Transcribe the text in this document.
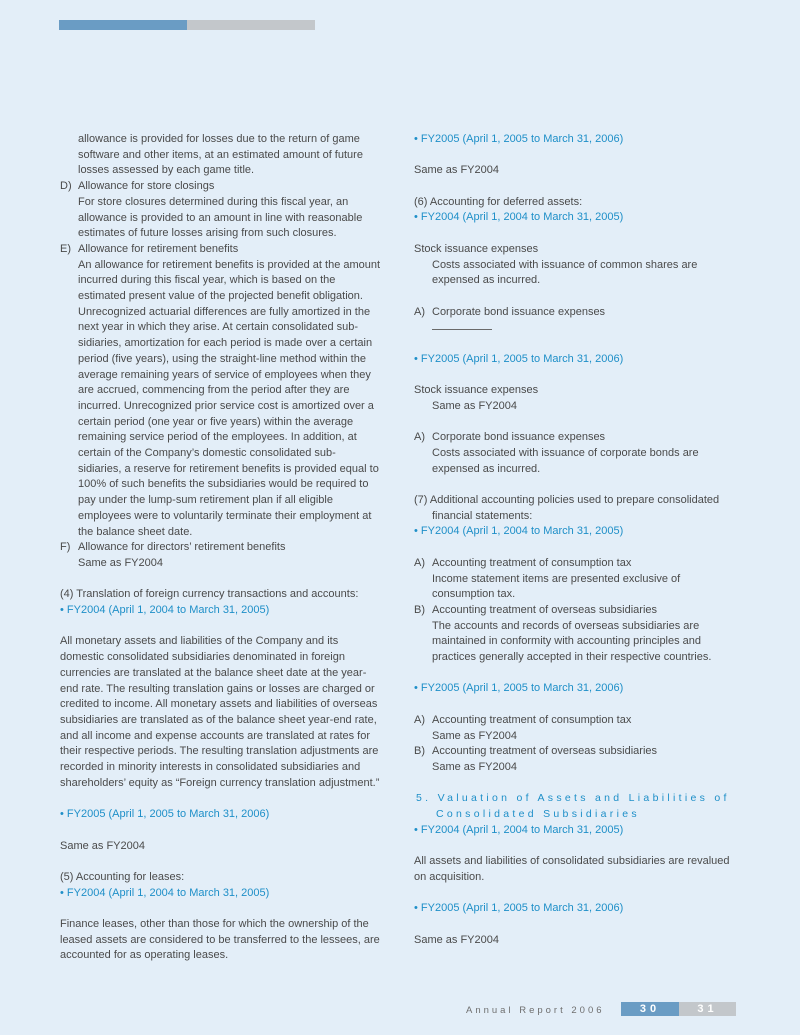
allowance is provided for losses due to the return of game software and other items, at an estimated amount of future losses assessed by each game title.

D) Allowance for store closings
For store closures determined during this fiscal year, an allowance is provided to an amount in line with reasonable estimates of future losses arising from such closures.
E) Allowance for retirement benefits
An allowance for retirement benefits is provided at the amount incurred during this fiscal year, which is based on the estimated present value of the projected benefit obligation. Unrecognized actuarial differences are fully amortized in the next year in which they arise. At certain consolidated sub- sidiaries, amortization for each period is made over a certain period (five years), using the straight-line method within the average remaining years of service of employees when they are accrued, commencing from the period after they are incurred. Unrecognized prior service cost is amortized over a certain period (one year or five years) within the average remaining service period of the employees. In addition, at certain of the Company’s domestic consolidated sub- sidiaries, a reserve for retirement benefits is provided equal to 100% of such benefits the subsidiaries would be required to pay under the lump-sum retirement plan if all eligible employees were to voluntarily terminate their employment at the balance sheet date.
F) Allowance for directors’ retirement benefits
Same as FY2004

(4) Translation of foreign currency transactions and accounts:

• FY2004 (April 1, 2004 to March 31, 2005)

All monetary assets and liabilities of the Company and its domestic consolidated subsidiaries denominated in foreign currencies are translated at the balance sheet date at the year-end rate. The resulting translation gains or losses are charged or credited to income. All monetary assets and liabilities of overseas subsidiaries are translated as of the balance sheet year-end rate, and all income and expense accounts are translated at rates for their respective periods. The resulting translation adjustments are recorded in minority interests in consolidated subsidiaries and shareholders’ equity as “Foreign currency translation adjustment.”

• FY2005 (April 1, 2005 to March 31, 2006)

Same as FY2004

(5) Accounting for leases:

• FY2004 (April 1, 2004 to March 31, 2005)

Finance leases, other than those for which the ownership of the leased assets are considered to be transferred to the lessees, are accounted for as operating leases.

• FY2005 (April 1, 2005 to March 31, 2006)

Same as FY2004

(6) Accounting for deferred assets:

• FY2004 (April 1, 2004 to March 31, 2005)

Stock issuance expenses

Costs associated with issuance of common shares are expensed as incurred.

A) Corporate bond issuance expenses

• FY2005 (April 1, 2005 to March 31, 2006)

Stock issuance expenses

Same as FY2004

A) Corporate bond issuance expenses
Costs associated with issuance of corporate bonds are expensed as incurred.
(7) Additional accounting policies used to prepare consolidated financial statements:

• FY2004 (April 1, 2004 to March 31, 2005)

A) Accounting treatment of consumption tax
Income statement items are presented exclusive of consumption tax.
B) Accounting treatment of overseas subsidiaries
The accounts and records of overseas subsidiaries are maintained in conformity with accounting principles and practices generally accepted in their respective countries.

• FY2005 (April 1, 2005 to March 31, 2006)

A) Accounting treatment of consumption tax
Same as FY2004
B) Accounting treatment of overseas subsidiaries
Same as FY2004
5. Valuation of Assets and Liabilities of
Consolidated Subsidiaries

• FY2004 (April 1, 2004 to March 31, 2005)

All assets and liabilities of consolidated subsidiaries are revalued on acquisition.

• FY2005 (April 1, 2005 to March 31, 2006)

Same as FY2004

Annual Report 2006	30	31
